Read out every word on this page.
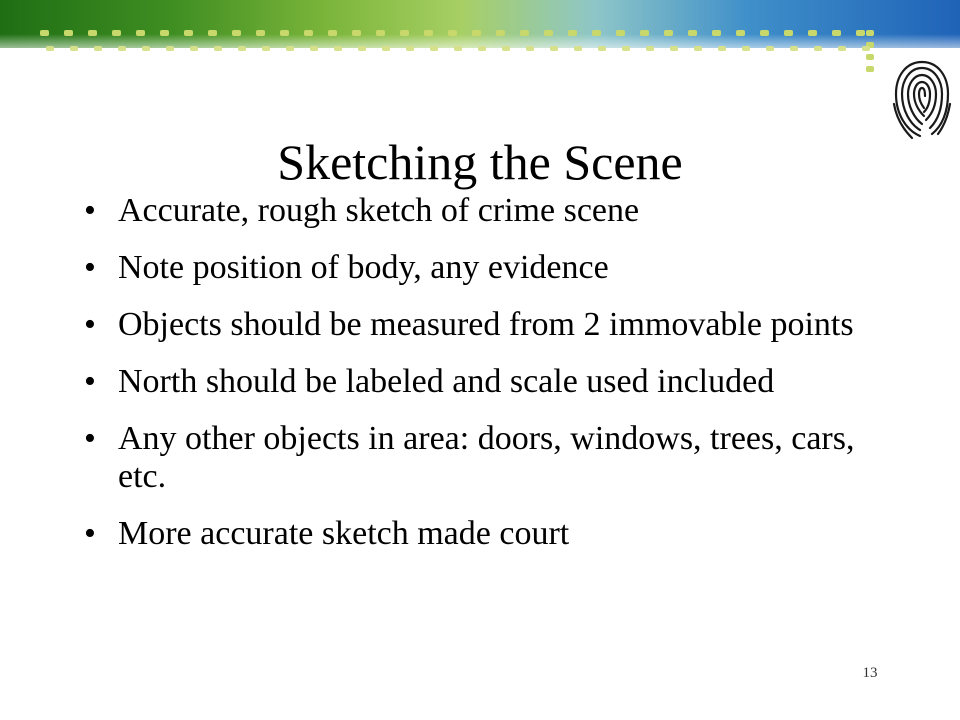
Sketching the Scene
• Accurate, rough sketch of crime scene
• Note position of body, any evidence
• Objects should be measured from 2 immovable points
• North should be labeled and scale used included
• Any other objects in area: doors, windows, trees, cars, etc.
• More accurate sketch made court
13
